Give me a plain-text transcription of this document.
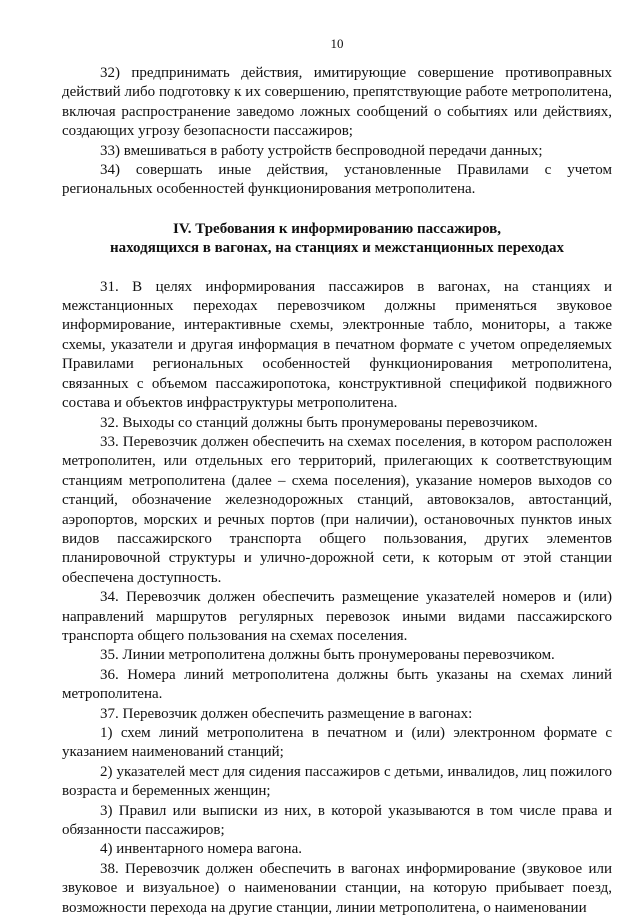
10

32) предпринимать действия, имитирующие совершение противоправных действий либо подготовку к их совершению, препятствующие работе метрополитена, включая распространение заведомо ложных сообщений о событиях или действиях, создающих угрозу безопасности пассажиров;

33) вмешиваться в работу устройств беспроводной передачи данных;

34) совершать иные действия, установленные Правилами с учетом региональных особенностей функционирования метрополитена.

IV. Требования к информированию пассажиров,

находящихся в вагонах, на станциях и межстанционных переходах

31. В целях информирования пассажиров в вагонах, на станциях и межстанционных переходах перевозчиком должны применяться звуковое информирование, интерактивные схемы, электронные табло, мониторы, а также схемы, указатели и другая информация в печатном формате с учетом определяемых Правилами региональных особенностей функционирования метрополитена, связанных с объемом пассажиропотока, конструктивной спецификой подвижного состава и объектов инфраструктуры метрополитена.

32. Выходы со станций должны быть пронумерованы перевозчиком.

33. Перевозчик должен обеспечить на схемах поселения, в котором расположен метрополитен, или отдельных его территорий, прилегающих к соответствующим станциям метрополитена (далее – схема поселения), указание номеров выходов со станций, обозначение железнодорожных станций, автовокзалов, автостанций, аэропортов, морских и речных портов (при наличии), остановочных пунктов иных видов пассажирского транспорта общего пользования, других элементов планировочной структуры и улично-дорожной сети, к которым от этой станции обеспечена доступность.

34. Перевозчик должен обеспечить размещение указателей номеров и (или) направлений маршрутов регулярных перевозок иными видами пассажирского транспорта общего пользования на схемах поселения.

35. Линии метрополитена должны быть пронумерованы перевозчиком.

36. Номера линий метрополитена должны быть указаны на схемах линий метрополитена.

37. Перевозчик должен обеспечить размещение в вагонах:

1) схем линий метрополитена в печатном и (или) электронном формате с указанием наименований станций;

2) указателей мест для сидения пассажиров с детьми, инвалидов, лиц пожилого возраста и беременных женщин;

3) Правил или выписки из них, в которой указываются в том числе права и обязанности пассажиров;

4) инвентарного номера вагона.

38. Перевозчик должен обеспечить в вагонах информирование (звуковое или звуковое и визуальное) о наименовании станции, на которую прибывает поезд, возможности перехода на другие станции, линии метрополитена, о наименовании
